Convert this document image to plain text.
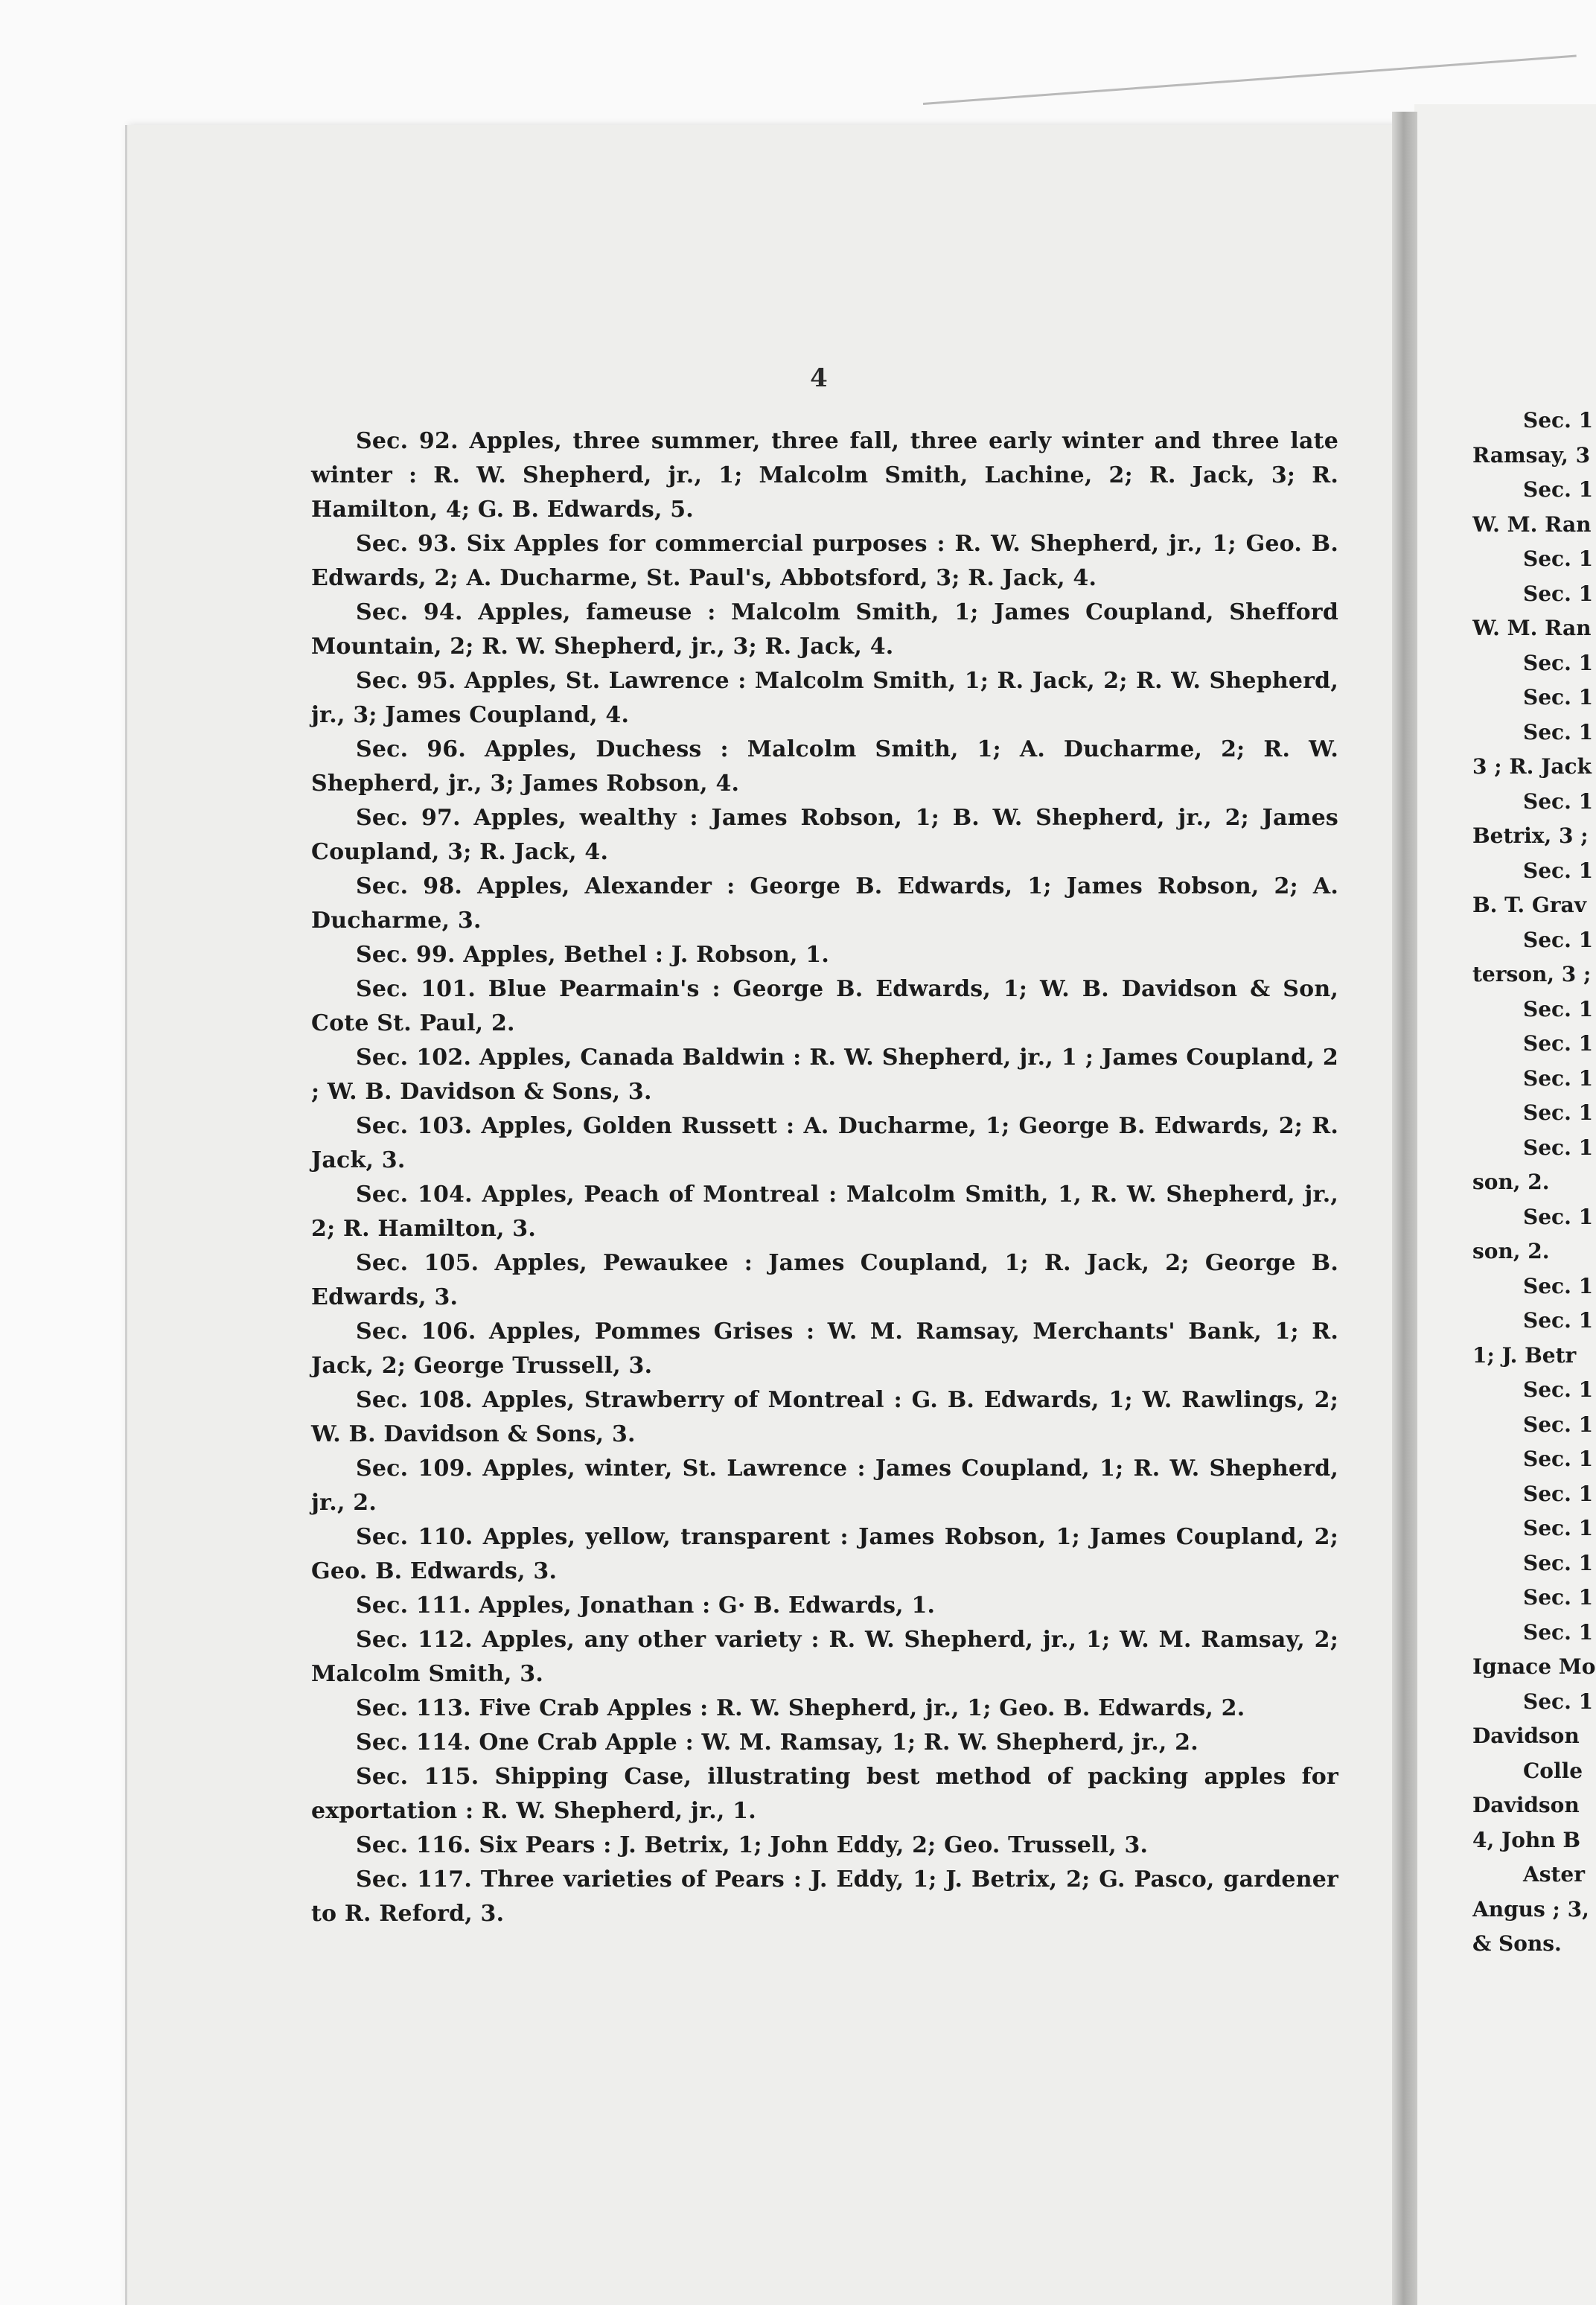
4

Sec. 92. Apples, three summer, three fall, three early winter and three late winter : R. W. Shepherd, jr., 1; Malcolm Smith, Lachine, 2; R. Jack, 3; R. Hamilton, 4; G. B. Edwards, 5.

Sec. 93. Six Apples for commercial purposes : R. W. Shepherd, jr., 1; Geo. B. Edwards, 2; A. Ducharme, St. Paul's, Abbotsford, 3; R. Jack, 4.

Sec. 94. Apples, fameuse : Malcolm Smith, 1; James Coupland, Shefford Mountain, 2; R. W. Shepherd, jr., 3; R. Jack, 4.

Sec. 95. Apples, St. Lawrence : Malcolm Smith, 1; R. Jack, 2; R. W. Shepherd, jr., 3; James Coupland, 4.

Sec. 96. Apples, Duchess : Malcolm Smith, 1; A. Ducharme, 2; R. W. Shepherd, jr., 3; James Robson, 4.

Sec. 97. Apples, wealthy : James Robson, 1; B. W. Shepherd, jr., 2; James Coupland, 3; R. Jack, 4.

Sec. 98. Apples, Alexander : George B. Edwards, 1; James Robson, 2; A. Ducharme, 3.

Sec. 99. Apples, Bethel : J. Robson, 1.

Sec. 101. Blue Pearmain's : George B. Edwards, 1; W. B. Davidson & Son, Cote St. Paul, 2.

Sec. 102. Apples, Canada Baldwin : R. W. Shepherd, jr., 1 ; James Coupland, 2 ; W. B. Davidson & Sons, 3.

Sec. 103. Apples, Golden Russett : A. Ducharme, 1; George B. Edwards, 2; R. Jack, 3.

Sec. 104. Apples, Peach of Montreal : Malcolm Smith, 1, R. W. Shepherd, jr., 2; R. Hamilton, 3.

Sec. 105. Apples, Pewaukee : James Coupland, 1; R. Jack, 2; George B. Edwards, 3.

Sec. 106. Apples, Pommes Grises : W. M. Ramsay, Merchants' Bank, 1; R. Jack, 2; George Trussell, 3.

Sec. 108. Apples, Strawberry of Montreal : G. B. Edwards, 1; W. Rawlings, 2; W. B. Davidson & Sons, 3.

Sec. 109. Apples, winter, St. Lawrence : James Coupland, 1; R. W. Shepherd, jr., 2.

Sec. 110. Apples, yellow, transparent : James Robson, 1; James Coupland, 2; Geo. B. Edwards, 3.

Sec. 111. Apples, Jonathan : G· B. Edwards, 1.

Sec. 112. Apples, any other variety : R. W. Shepherd, jr., 1; W. M. Ramsay, 2; Malcolm Smith, 3.

Sec. 113. Five Crab Apples : R. W. Shepherd, jr., 1; Geo. B. Edwards, 2.

Sec. 114. One Crab Apple : W. M. Ramsay, 1; R. W. Shepherd, jr., 2.

Sec. 115. Shipping Case, illustrating best method of packing apples for exportation : R. W. Shepherd, jr., 1.

Sec. 116. Six Pears : J. Betrix, 1; John Eddy, 2; Geo. Trussell, 3.

Sec. 117. Three varieties of Pears : J. Eddy, 1; J. Betrix, 2; G. Pasco, gardener to R. Reford, 3.

Sec. 1
Ramsay, 3
Sec. 1
W. M. Ran
Sec. 1
Sec. 1
W. M. Ran
Sec. 1
Sec. 1
Sec. 1
3 ; R. Jack
Sec. 1
Betrix, 3 ;
Sec. 1
B. T. Grav
Sec. 1
terson, 3 ;
Sec. 1
Sec. 1
Sec. 1
Sec. 1
Sec. 1
son, 2.
Sec. 1
son, 2.
Sec. 1
Sec. 1
1; J. Betr
Sec. 1
Sec. 1
Sec. 1
Sec. 1
Sec. 1
Sec. 1
Sec. 1
Sec. 1
Ignace Mo
Sec. 1
Davidson
Colle
Davidson
4, John B
Aster
Angus ; 3,
& Sons.
